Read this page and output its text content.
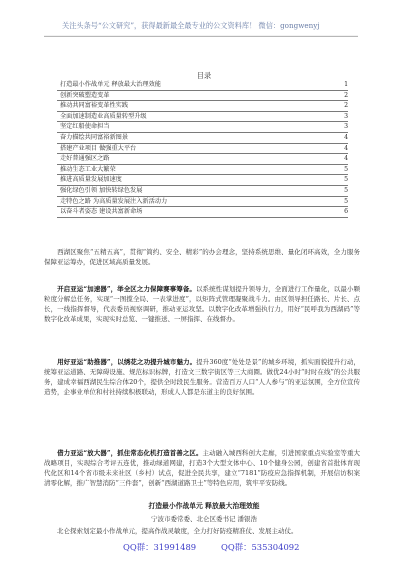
关注头条号“公文研究”，获得最新最全最专业的公文资料库！ 微信：gongwenyj
目录
打造最小作战单元 释放最大治理效能	1
创新突破塑造变革	2
推动共同富裕变革性实践	2
全面加速制造业高质量转型升级	3
坚定红船使命担当	3
奋力描绘共同富裕新图景	4
搭建产业项目 做强重大平台	4
走好普通强区之路	4
推动生态工业大繁荣	5
推进高质量发展加速度	5
强化绿色引领 加快转绿色发展	5
走特色之路 为高质量发展注入新活动力	5
以奋斗者姿态 建设共富新命场	6
西湖区聚焦“五精五高”，贯彻“简约、安全、精彩”的办会理念，坚持系统思维、量化闭环高效，全力服务保障亚运筹办，促进区域高质量发展。
开启亚运“加速器”，举全区之力保障赛事筹备。以系统性谋划提升领导力，全面进行工作量化，以最小颗粒度分解总任务，实现“一图揽全局、一表掌进度”，以矩阵式管理凝聚战斗力。由区领导担任路长、片长、点长，一线指挥督导，代表委员视察调研，推动亚运攻坚。以数字化改革增强执行力，用好“民呼我为西湖码”等数字化改革成果，实现实时总览、一键推送、一屏指挥、在线督办。
用好亚运“助推器”，以绣花之功提升城市魅力。提升360度“处处是景”的城乡环境，抓实面貌提升行动，统筹亚运道路、无障碍设施、规范标识标牌，打造文三数字街区等三大商圈。做优24小时“时时在线”的公共服务，建成幸福西湖民生综合体20个，提供全时段民生服务。营造百万人口“人人参与”的亚运氛围，全方位宣传造势，企事业单位和村社持续积极联动，形成人人都是东道主的良好氛围。
借力亚运“放大器”，抓住常态化机打造首善之区。主动融入城西科创大走廊，引进国家重点实验室等重大战略项目，实现综合考评五连优，推动绿道网建，打造3个大型文体中心、10个健身公园，创建省首批体育现代化区和14个省市级未来社区（乡村）试点，促进全民共享，建立“7181”防疫应急指挥机制，开展信访积案清零化解，推广智慧消防“三件套”，创新“西湖道路卫士”等特色应用，筑牢平安防线。
打造最小作战单元 释放最大治理效能
宁波市委常委、北仑区委书记 潘银浩
北仑探索划定最小作战单元，提高作战灵敏度，全力打好防疫精准仗、发展主动仗。
QQ群：31991489	QQ群：535304092
